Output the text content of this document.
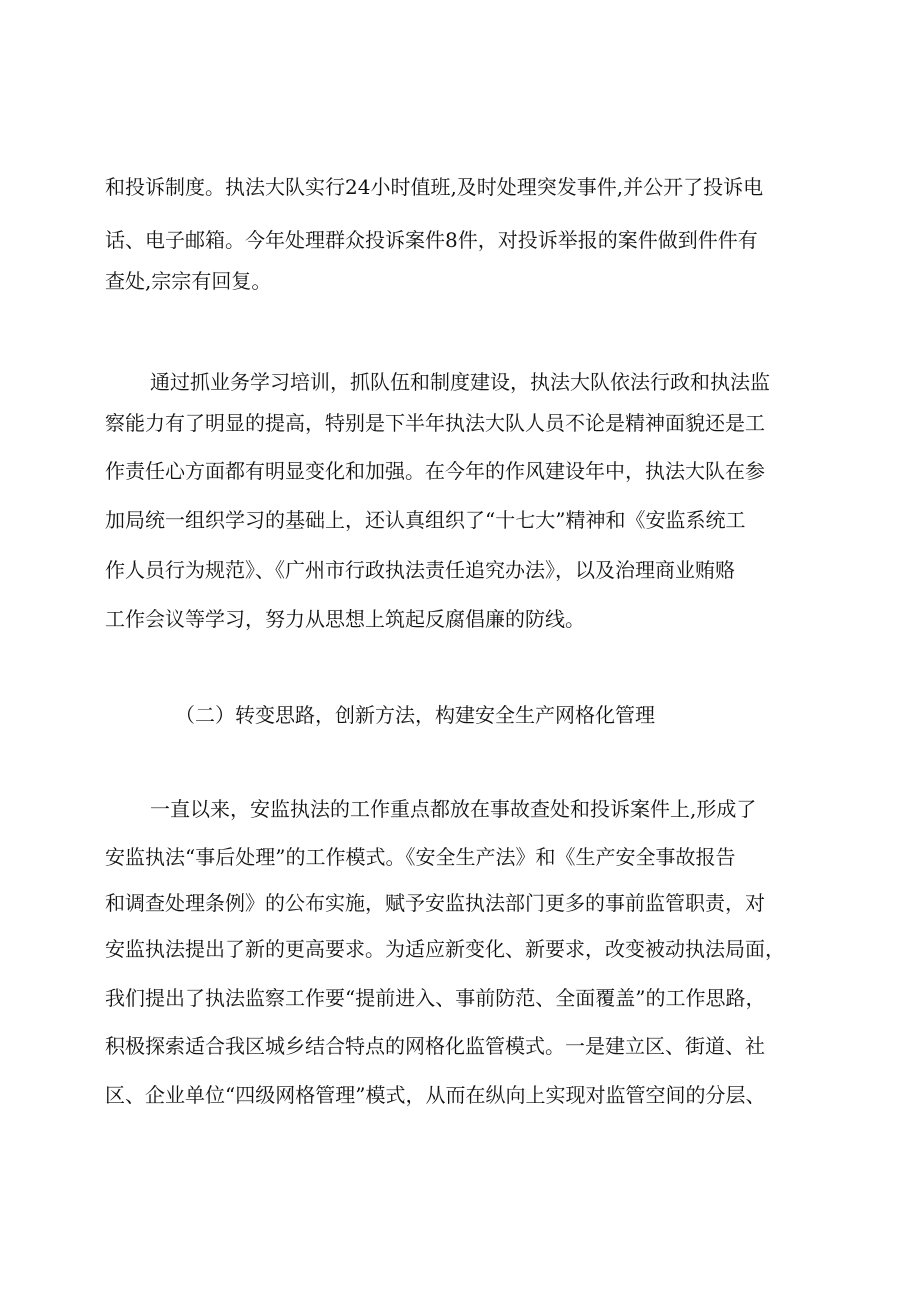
和投诉制度。执法大队实行24小时值班,及时处理突发事件,并公开了投诉电
话、电子邮箱。今年处理群众投诉案件8件，对投诉举报的案件做到件件有
查处,宗宗有回复。
通过抓业务学习培训，抓队伍和制度建设，执法大队依法行政和执法监
察能力有了明显的提高，特别是下半年执法大队人员不论是精神面貌还是工
作责任心方面都有明显变化和加强。在今年的作风建设年中，执法大队在参
加局统一组织学习的基础上，还认真组织了“十七大”精神和《安监系统工
作人员行为规范》、《广州市行政执法责任追究办法》，以及治理商业贿赂
工作会议等学习，努力从思想上筑起反腐倡廉的防线。
（二）转变思路，创新方法，构建安全生产网格化管理
一直以来，安监执法的工作重点都放在事故查处和投诉案件上,形成了
安监执法“事后处理”的工作模式。《安全生产法》和《生产安全事故报告
和调查处理条例》的公布实施，赋予安监执法部门更多的事前监管职责，对
安监执法提出了新的更高要求。为适应新变化、新要求，改变被动执法局面，
我们提出了执法监察工作要“提前进入、事前防范、全面覆盖”的工作思路，
积极探索适合我区城乡结合特点的网格化监管模式。一是建立区、街道、社
区、企业单位“四级网格管理”模式，从而在纵向上实现对监管空间的分层、
